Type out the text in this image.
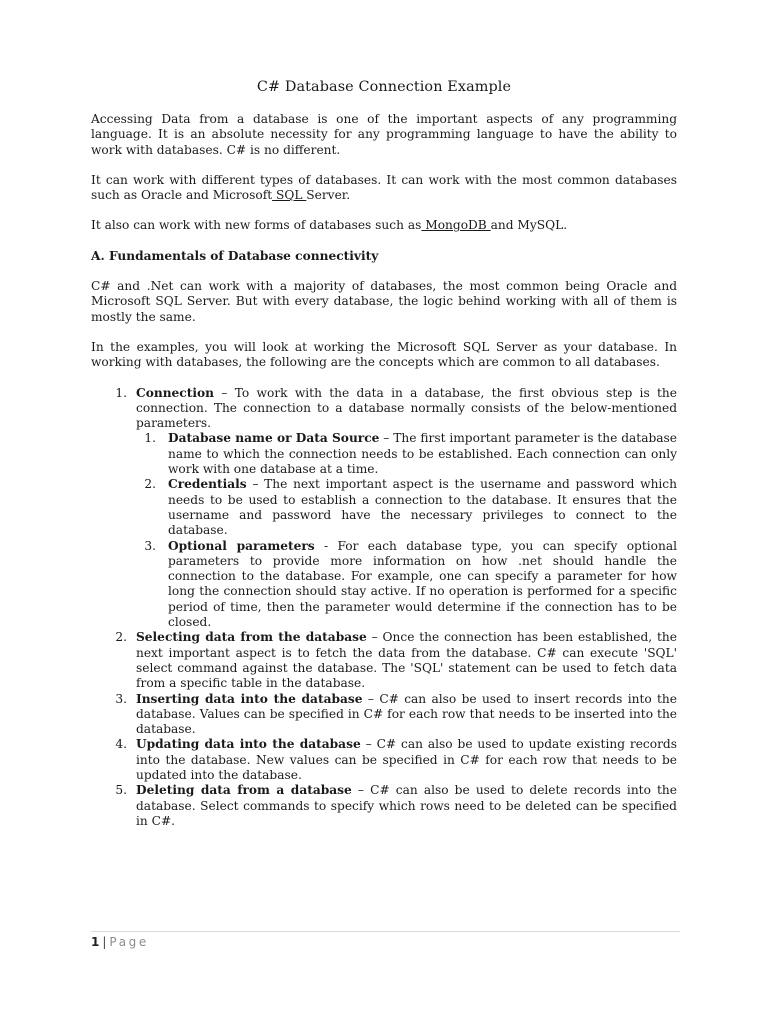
C# Database Connection Example

Accessing Data from a database is one of the important aspects of any programming language. It is an absolute necessity for any programming language to have the ability to work with databases. C# is no different.

It can work with different types of databases. It can work with the most common databases such as Oracle and Microsoft SQL Server.

It also can work with new forms of databases such as MongoDB and MySQL.

A. Fundamentals of Database connectivity

C# and .Net can work with a majority of databases, the most common being Oracle and Microsoft SQL Server. But with every database, the logic behind working with all of them is mostly the same.

In the examples, you will look at working the Microsoft SQL Server as your database. In working with databases, the following are the concepts which are common to all databases.

1. Connection – To work with the data in a database, the first obvious step is the connection. The connection to a database normally consists of the below-mentioned parameters.
1. Database name or Data Source – The first important parameter is the database name to which the connection needs to be established. Each connection can only work with one database at a time.
2. Credentials – The next important aspect is the username and password which needs to be used to establish a connection to the database. It ensures that the username and password have the necessary privileges to connect to the database.
3. Optional parameters - For each database type, you can specify optional parameters to provide more information on how .net should handle the connection to the database. For example, one can specify a parameter for how long the connection should stay active. If no operation is performed for a specific period of time, then the parameter would determine if the connection has to be closed.
2. Selecting data from the database – Once the connection has been established, the next important aspect is to fetch the data from the database. C# can execute 'SQL' select command against the database. The 'SQL' statement can be used to fetch data from a specific table in the database.
3. Inserting data into the database – C# can also be used to insert records into the database. Values can be specified in C# for each row that needs to be inserted into the database.
4. Updating data into the database – C# can also be used to update existing records into the database. New values can be specified in C# for each row that needs to be updated into the database.
5. Deleting data from a database – C# can also be used to delete records into the database. Select commands to specify which rows need to be deleted can be specified in C#.
1 | Page
